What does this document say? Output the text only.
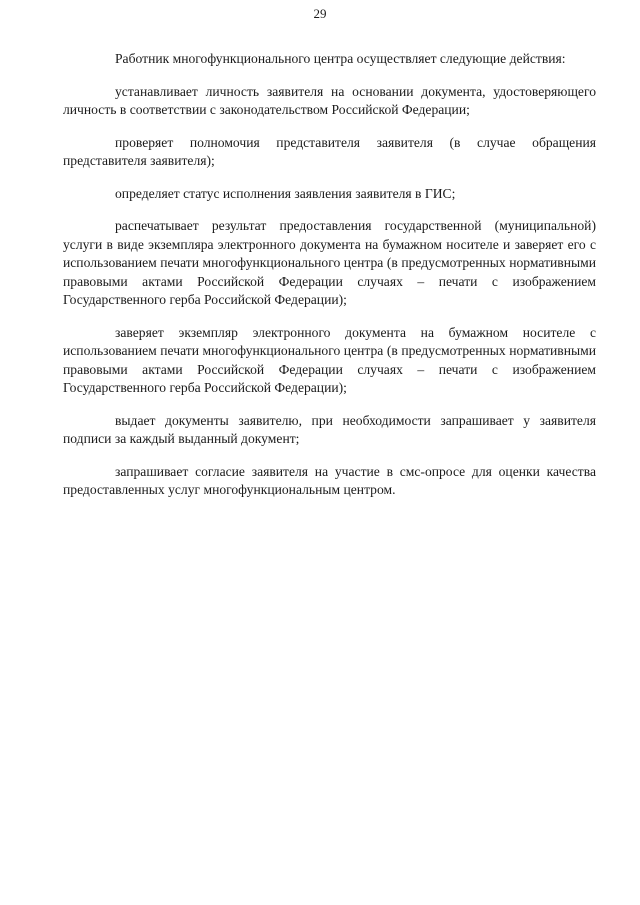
29

Работник многофункционального центра осуществляет следующие действия:

устанавливает личность заявителя на основании документа, удостоверяющего личность в соответствии с законодательством Российской Федерации;

проверяет полномочия представителя заявителя (в случае обращения представителя заявителя);

определяет статус исполнения заявления заявителя в ГИС;

распечатывает результат предоставления государственной (муниципальной) услуги в виде экземпляра электронного документа на бумажном носителе и заверяет его с использованием печати многофункционального центра (в предусмотренных нормативными правовыми актами Российской Федерации случаях – печати с изображением Государственного герба Российской Федерации);

заверяет экземпляр электронного документа на бумажном носителе с использованием печати многофункционального центра (в предусмотренных нормативными правовыми актами Российской Федерации случаях – печати с изображением Государственного герба Российской Федерации);

выдает документы заявителю, при необходимости запрашивает у заявителя подписи за каждый выданный документ;

запрашивает согласие заявителя на участие в смс-опросе для оценки качества предоставленных услуг многофункциональным центром.
